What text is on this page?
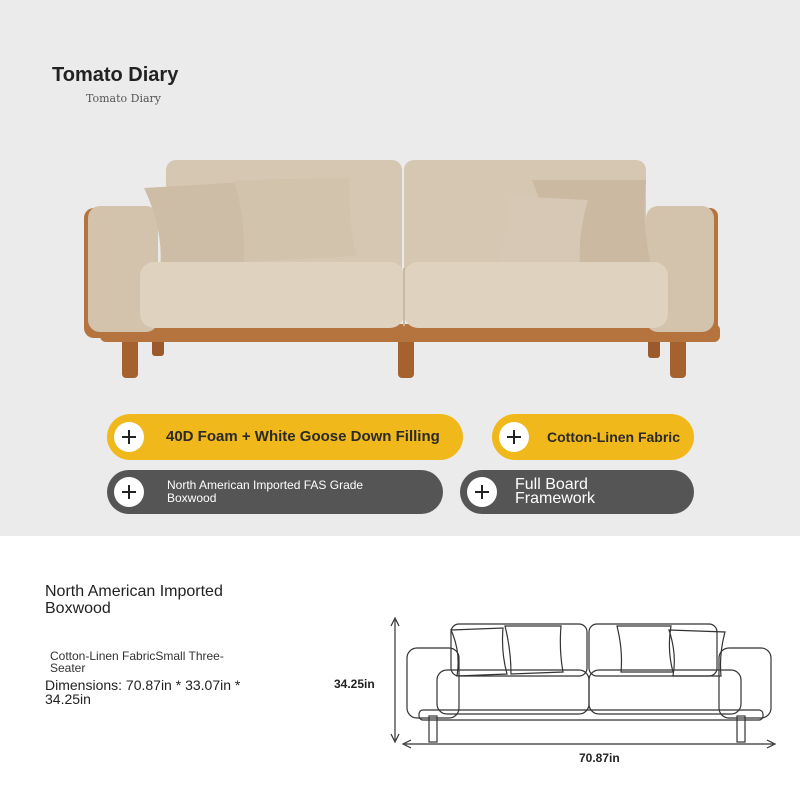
Tomato Diary
Tomato Diary
40D Foam + White Goose Down Filling	Cotton-Linen Fabric
North American Imported FAS Grade Boxwood
Full Board Framework
North American Imported Boxwood
Cotton-Linen FabricSmall Three-Seater
Dimensions: 70.87in * 33.07in * 34.25in
34.25in
70.87in
